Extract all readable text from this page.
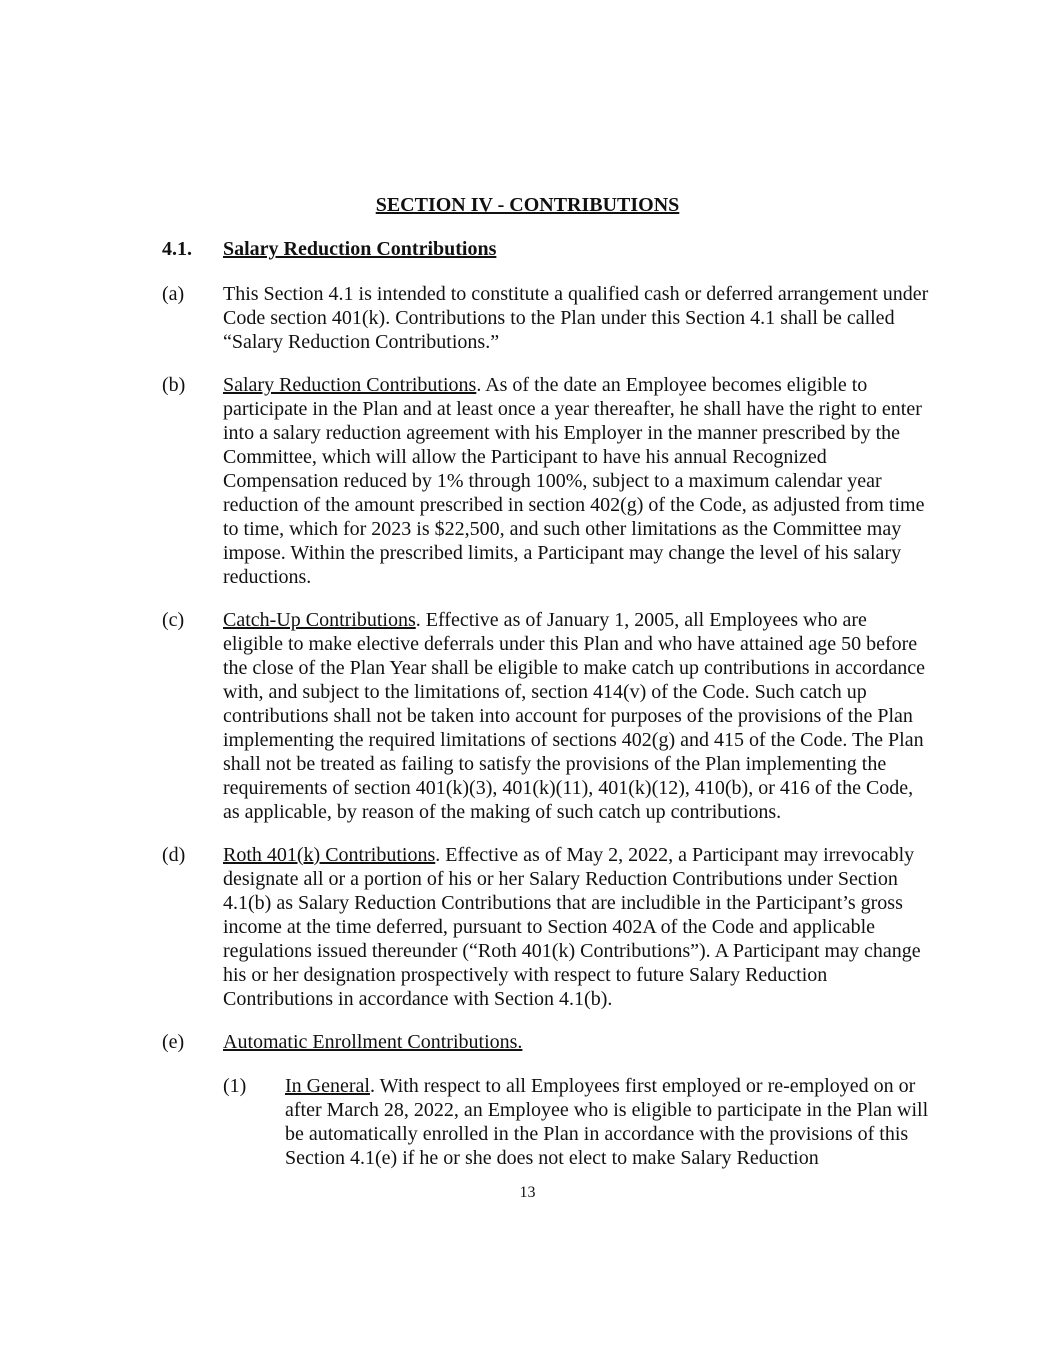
SECTION IV - CONTRIBUTIONS
4.1. Salary Reduction Contributions
(a) This Section 4.1 is intended to constitute a qualified cash or deferred arrangement under
Code section 401(k). Contributions to the Plan under this Section 4.1 shall be called
“Salary Reduction Contributions.”
(b) Salary Reduction Contributions. As of the date an Employee becomes eligible to
participate in the Plan and at least once a year thereafter, he shall have the right to enter
into a salary reduction agreement with his Employer in the manner prescribed by the
Committee, which will allow the Participant to have his annual Recognized
Compensation reduced by 1% through 100%, subject to a maximum calendar year
reduction of the amount prescribed in section 402(g) of the Code, as adjusted from time
to time, which for 2023 is $22,500, and such other limitations as the Committee may
impose. Within the prescribed limits, a Participant may change the level of his salary
reductions.
(c) Catch-Up Contributions. Effective as of January 1, 2005, all Employees who are
eligible to make elective deferrals under this Plan and who have attained age 50 before
the close of the Plan Year shall be eligible to make catch up contributions in accordance
with, and subject to the limitations of, section 414(v) of the Code. Such catch up
contributions shall not be taken into account for purposes of the provisions of the Plan
implementing the required limitations of sections 402(g) and 415 of the Code. The Plan
shall not be treated as failing to satisfy the provisions of the Plan implementing the
requirements of section 401(k)(3), 401(k)(11), 401(k)(12), 410(b), or 416 of the Code,
as applicable, by reason of the making of such catch up contributions.
(d) Roth 401(k) Contributions. Effective as of May 2, 2022, a Participant may irrevocably
designate all or a portion of his or her Salary Reduction Contributions under Section
4.1(b) as Salary Reduction Contributions that are includible in the Participant’s gross
income at the time deferred, pursuant to Section 402A of the Code and applicable
regulations issued thereunder (“Roth 401(k) Contributions”). A Participant may change
his or her designation prospectively with respect to future Salary Reduction
Contributions in accordance with Section 4.1(b).
(e) Automatic Enrollment Contributions.
(1) In General. With respect to all Employees first employed or re-employed on or
after March 28, 2022, an Employee who is eligible to participate in the Plan will
be automatically enrolled in the Plan in accordance with the provisions of this
Section 4.1(e) if he or she does not elect to make Salary Reduction
13
